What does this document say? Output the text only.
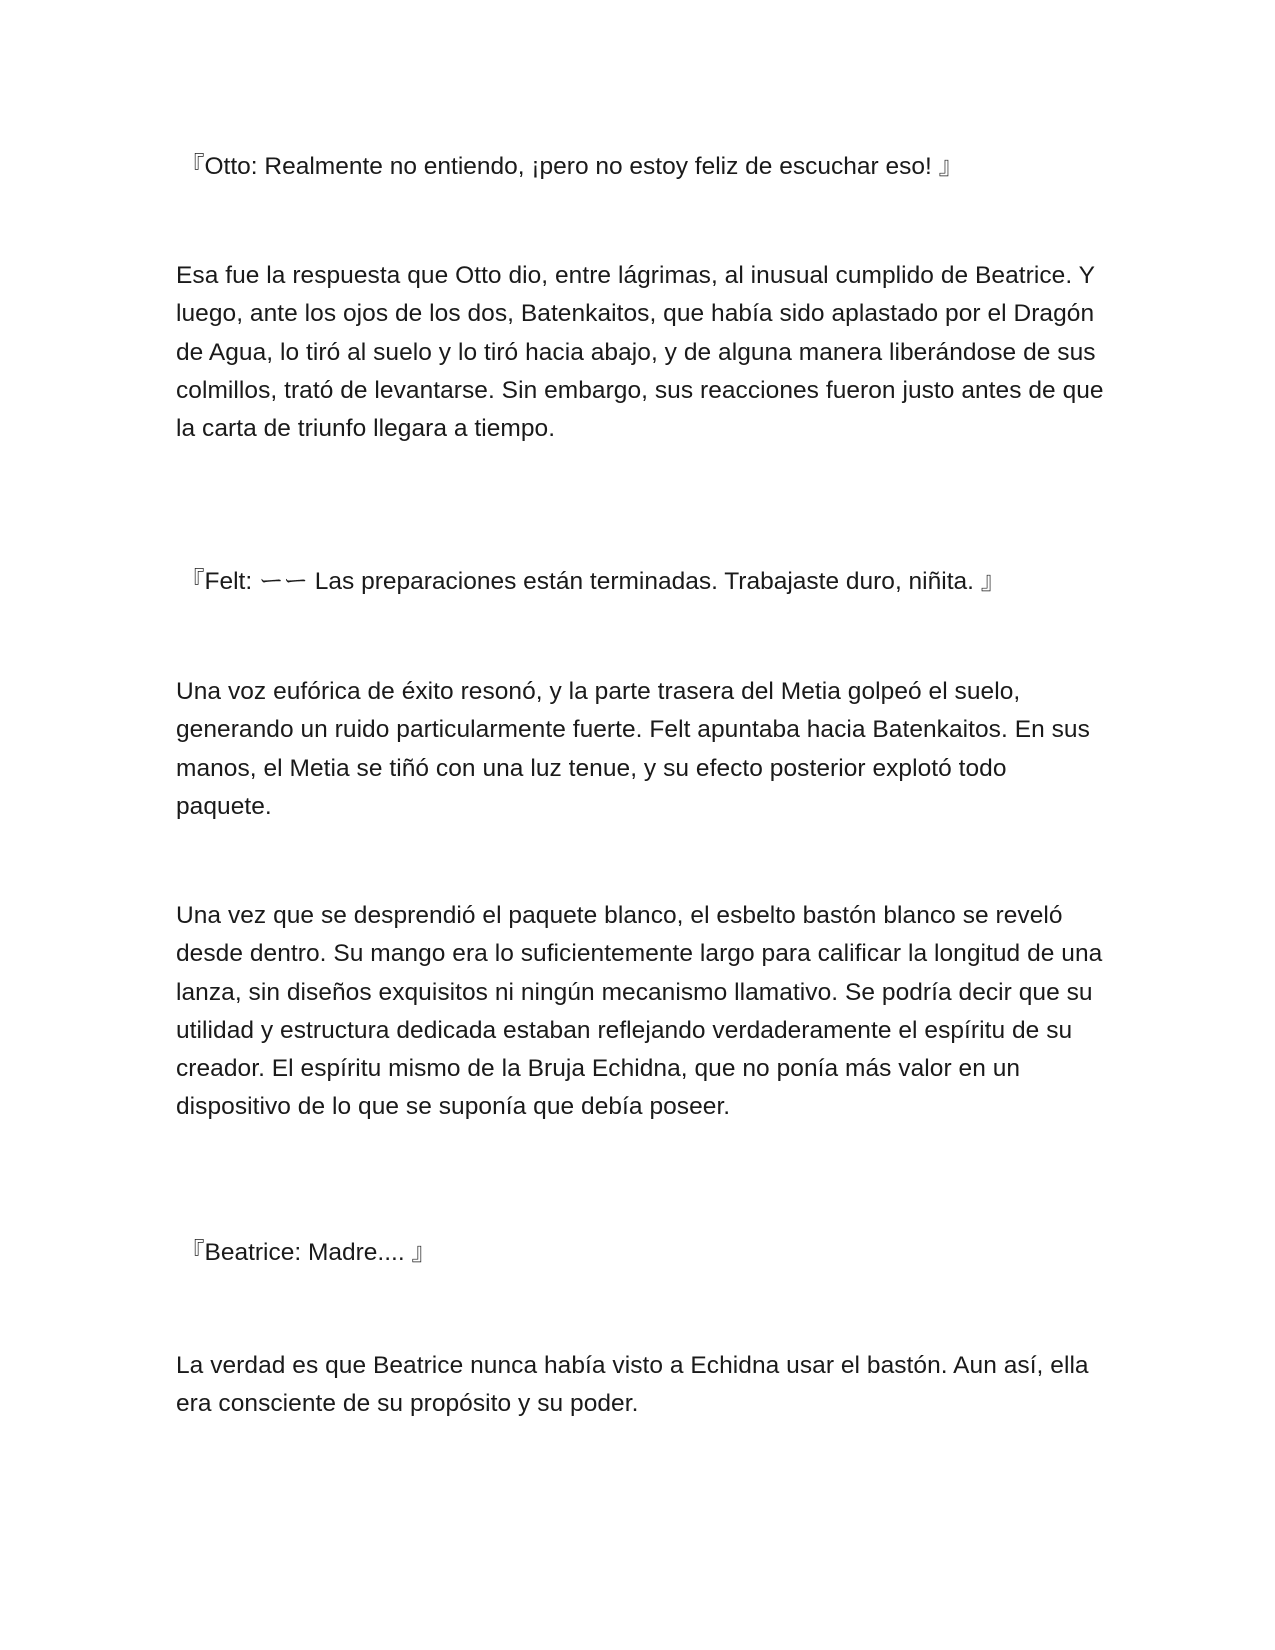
『Otto: Realmente no entiendo, ¡pero no estoy feliz de escuchar eso! 』

Esa fue la respuesta que Otto dio, entre lágrimas, al inusual cumplido de Beatrice. Y luego, ante los ojos de los dos, Batenkaitos, que había sido aplastado por el Dragón de Agua, lo tiró al suelo y lo tiró hacia abajo, y de alguna manera liberándose de sus colmillos, trató de levantarse. Sin embargo, sus reacciones fueron justo antes de que la carta de triunfo llegara a tiempo.

『Felt: ーー Las preparaciones están terminadas. Trabajaste duro, niñita. 』

Una voz eufórica de éxito resonó, y la parte trasera del Metia golpeó el suelo, generando un ruido particularmente fuerte. Felt apuntaba hacia Batenkaitos. En sus manos, el Metia se tiñó con una luz tenue, y su efecto posterior explotó todo paquete.

Una vez que se desprendió el paquete blanco, el esbelto bastón blanco se reveló desde dentro. Su mango era lo suficientemente largo para calificar la longitud de una lanza, sin diseños exquisitos ni ningún mecanismo llamativo. Se podría decir que su utilidad y estructura dedicada estaban reflejando verdaderamente el espíritu de su creador. El espíritu mismo de la Bruja Echidna, que no ponía más valor en un dispositivo de lo que se suponía que debía poseer.

『Beatrice: Madre.... 』

La verdad es que Beatrice nunca había visto a Echidna usar el bastón. Aun así, ella era consciente de su propósito y su poder.
